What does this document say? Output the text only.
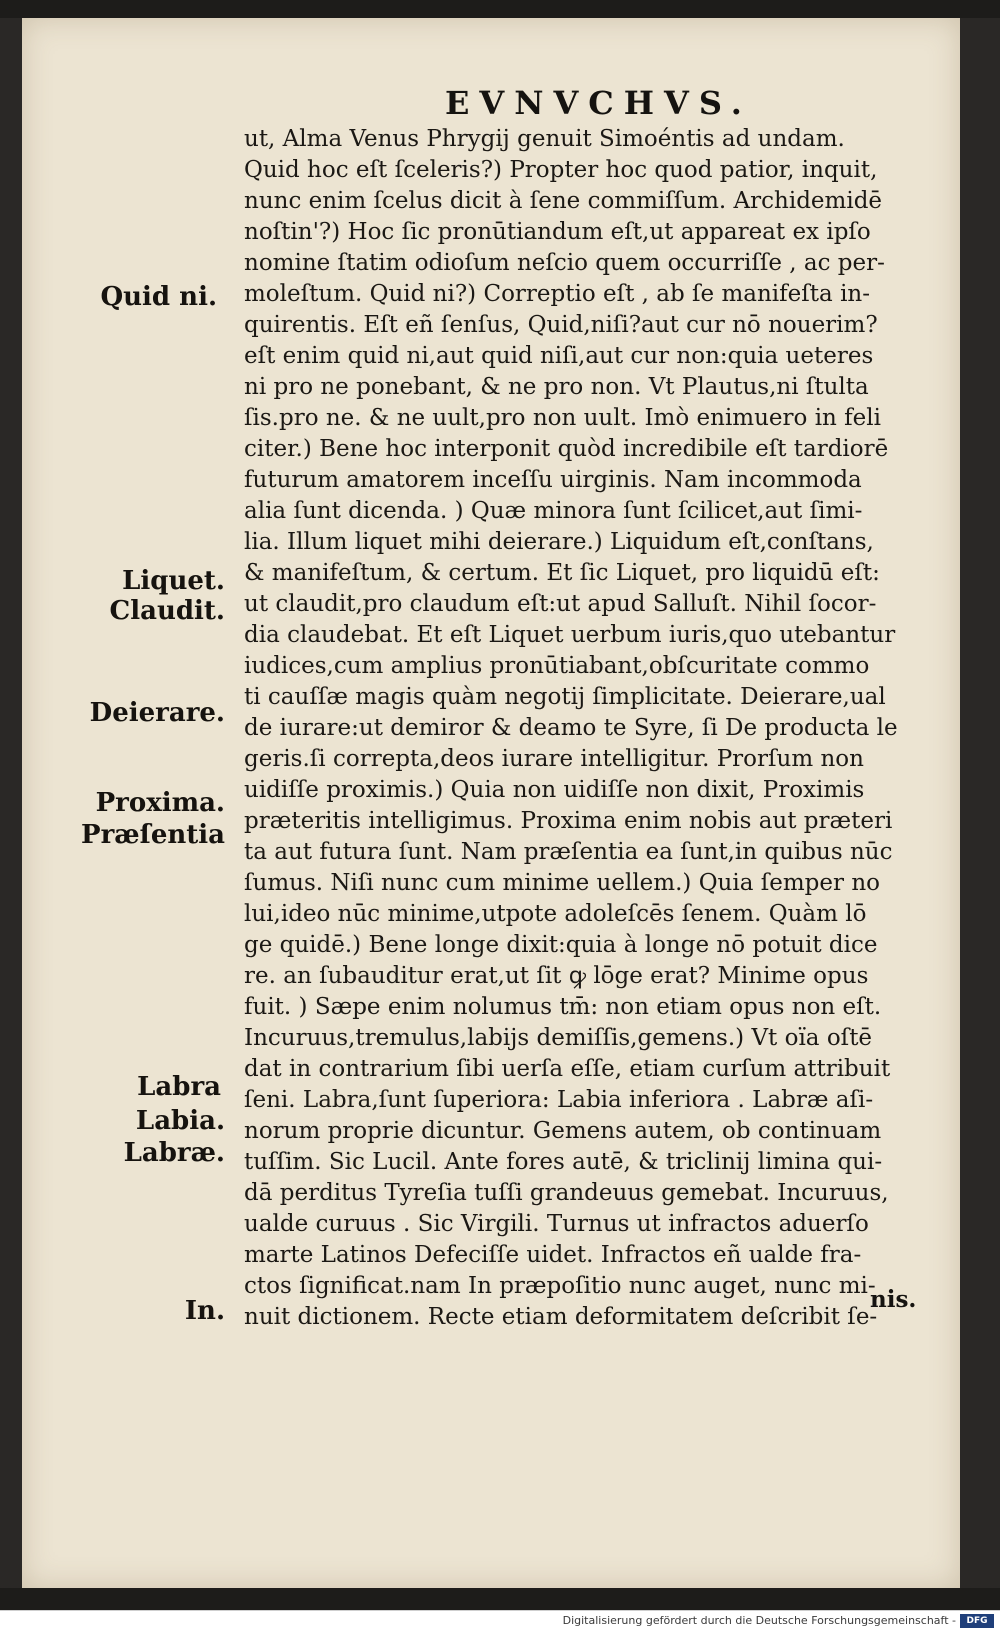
EVNVCHVS.
Quid ni.
Liquet.
Claudit.
Deierare.
Proxima.
Præſentia
Labra
Labia.
Labræ.
In.
ut, Alma Venus Phrygij genuit Simoéntis ad undam.
Quid hoc eſt ſceleris?) Propter hoc quod patior, inquit,
nunc enim ſcelus dicit à ſene commiſſum. Archidemidē
noſtin'?) Hoc ſic pronūtiandum eſt,ut appareat ex ipſo
nomine ſtatim odioſum neſcio quem occurriſſe , ac per-
moleſtum. Quid ni?) Correptio eſt , ab ſe manifeſta in-
quirentis. Eſt eñ ſenſus, Quid,niſi?aut cur nō nouerim?
eſt enim quid ni,aut quid niſi,aut cur non:quia ueteres
ni pro ne ponebant, & ne pro non. Vt Plautus,ni ſtulta
ſis.pro ne. & ne uult,pro non uult. Imò enimuero in feli
citer.) Bene hoc interponit quòd incredibile eſt tardiorē
futurum amatorem inceſſu uirginis. Nam incommoda
alia ſunt dicenda. ) Quæ minora ſunt ſcilicet,aut ſimi-
lia. Illum liquet mihi deierare.) Liquidum eſt,conſtans,
& manifeſtum, & certum. Et ſic Liquet, pro liquidū eſt:
ut claudit,pro claudum eſt:ut apud Salluſt. Nihil ſocor-
dia claudebat. Et eſt Liquet uerbum iuris,quo utebantur
iudices,cum amplius pronūtiabant,obſcuritate commo
ti cauſſæ magis quàm negotij ſimplicitate. Deierare,ual
de iurare:ut demiror & deamo te Syre, ſi De producta le
geris.ſi correpta,deos iurare intelligitur. Prorſum non
uidiſſe proximis.) Quia non uidiſſe non dixit, Proximis
præteritis intelligimus. Proxima enim nobis aut præteri
ta aut futura ſunt. Nam præſentia ea ſunt,in quibus nūc
ſumus. Niſi nunc cum minime uellem.) Quia ſemper no
lui,ideo nūc minime,utpote adoleſcēs ſenem. Quàm lō
ge quidē.) Bene longe dixit:quia à longe nō potuit dice
re. an ſubauditur erat,ut ſit ꝙ lōge erat? Minime opus
fuit. ) Sæpe enim nolumus tm̄: non etiam opus non eſt.
Incuruus,tremulus,labijs demiſſis,gemens.) Vt oïa oſtē
dat in contrarium ſibi uerſa eſſe, etiam curſum attribuit
ſeni. Labra,ſunt ſuperiora: Labia inferiora . Labræ aſi-
norum proprie dicuntur. Gemens autem, ob continuam
tuſſim. Sic Lucil. Ante fores autē, & triclinij limina qui-
dā perditus Tyreſia tuſſi grandeuus gemebat. Incuruus,
ualde curuus . Sic Virgili. Turnus ut infractos aduerſo
marte Latinos Defeciſſe uidet. Infractos eñ ualde fra-
ctos ſignificat.nam In præpoſitio nunc auget, nunc mi-
nuit dictionem. Recte etiam deformitatem deſcribit ſe-
nis.
Digitalisierung gefördert durch die Deutsche Forschungsgemeinschaft -	DFG
